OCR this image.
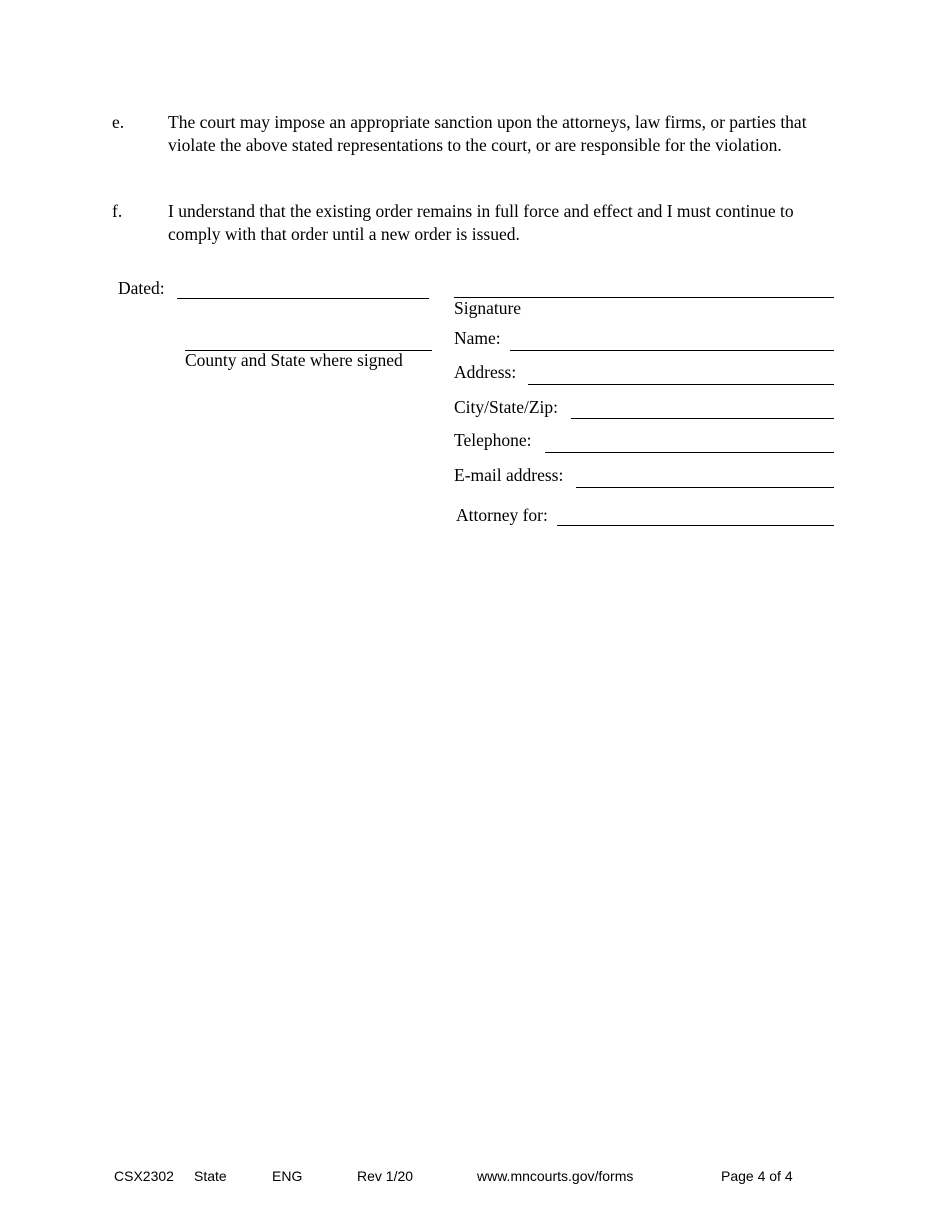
e.	The court may impose an appropriate sanction upon the attorneys, law firms, or parties that violate the above stated representations to the court, or are responsible for the violation.
f.	I understand that the existing order remains in full force and effect and I must continue to comply with that order until a new order is issued.
Dated:
County and State where signed
Signature
Name:
Address:
City/State/Zip:
Telephone:
E-mail address:
Attorney for:
CSX2302 State	ENG	Rev 1/20	www.mncourts.gov/forms	Page 4 of 4
